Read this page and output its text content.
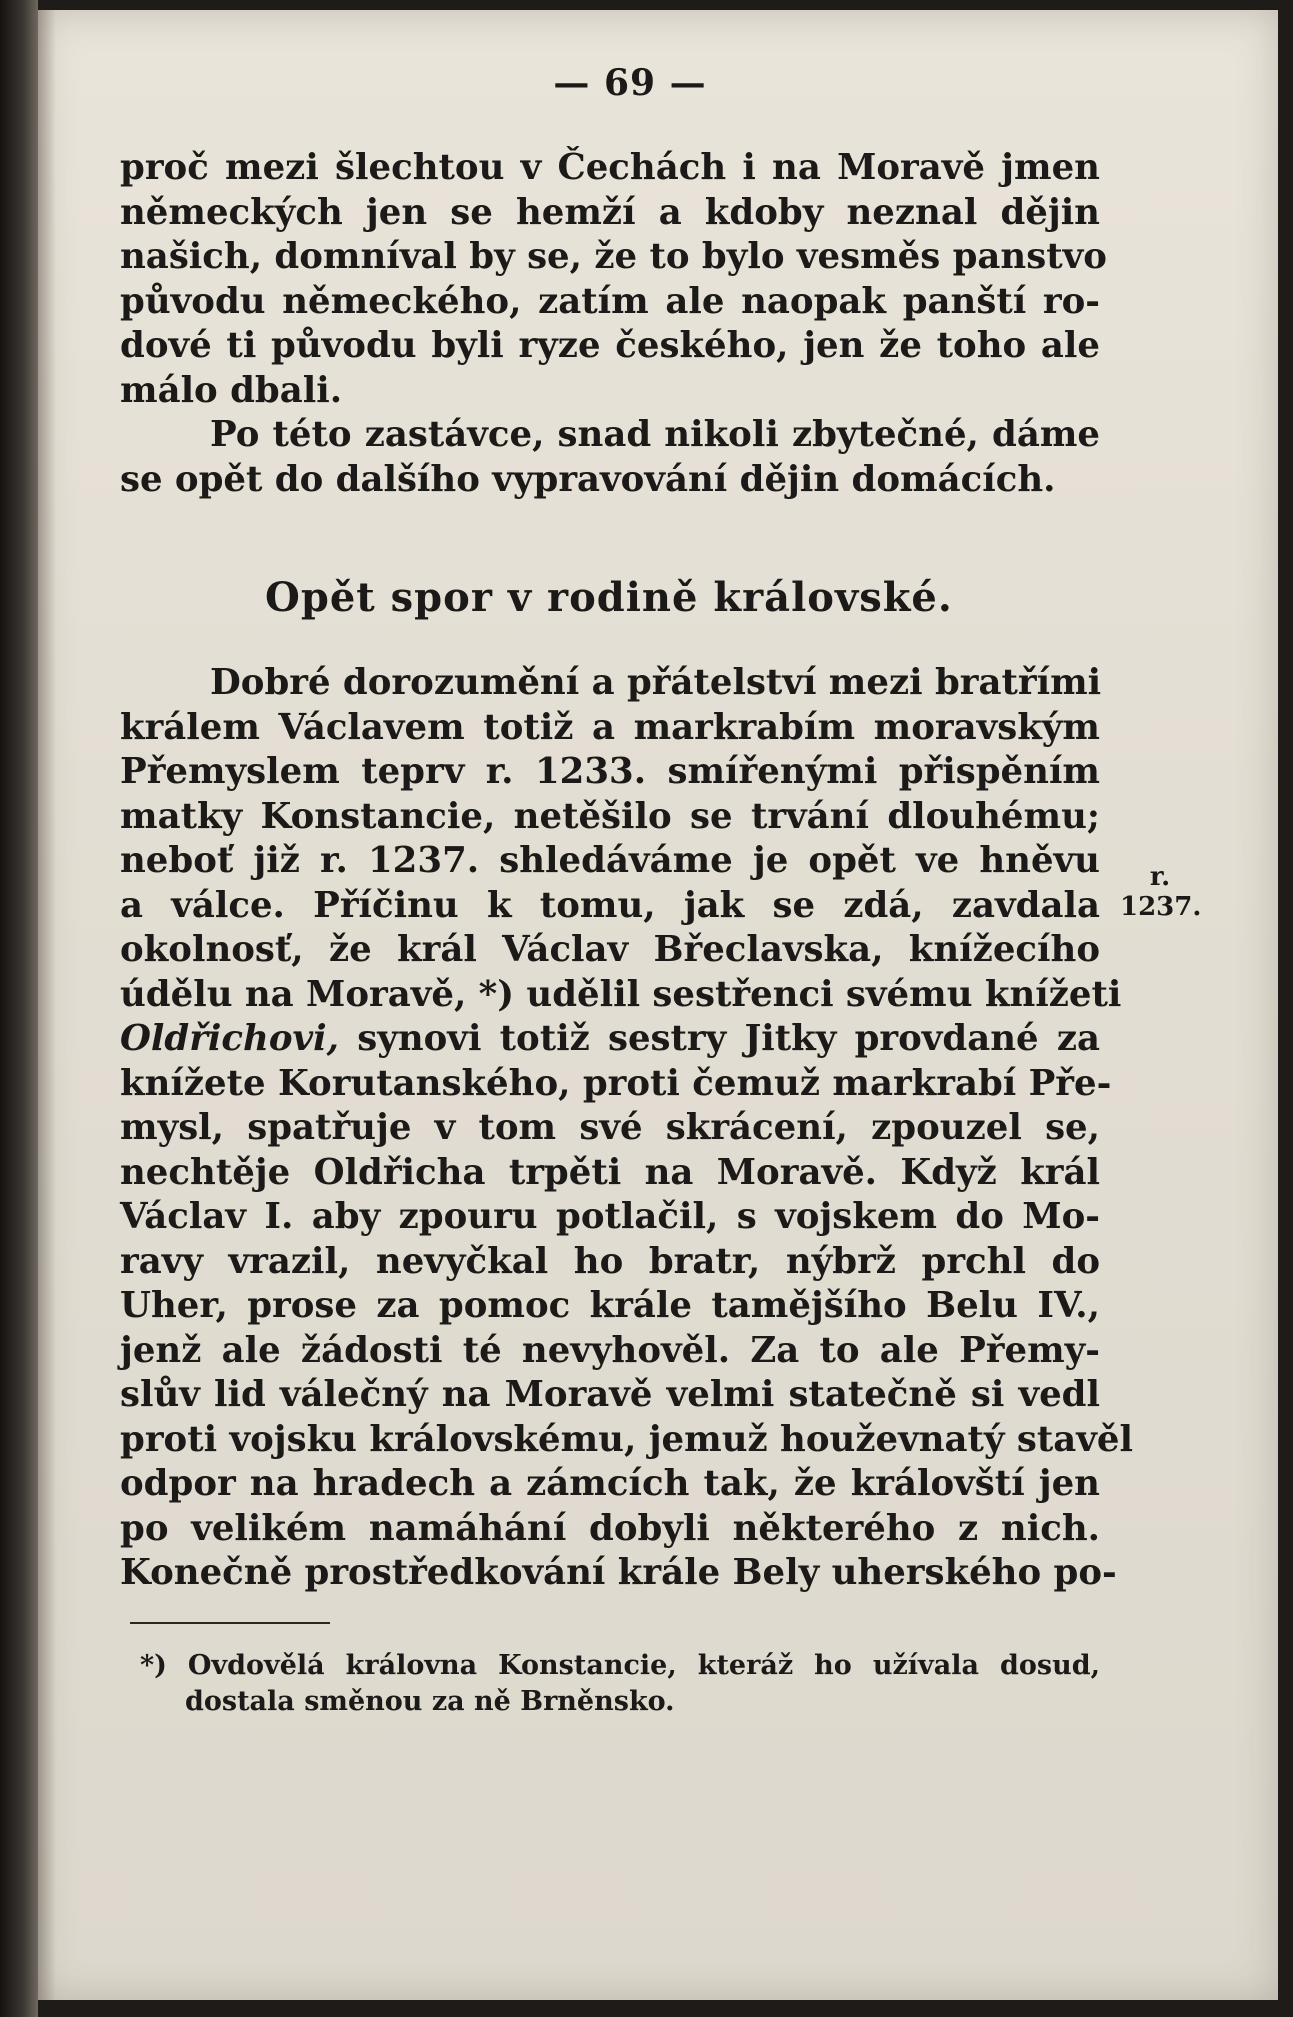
r.
1237.
— 69 —
proč mezi šlechtou v Čechách i na Moravě jmen
německých jen se hemží a kdoby neznal dějin
našich, domníval by se, že to bylo vesměs panstvo
původu německého, zatím ale naopak panští ro-
dové ti původu byli ryze českého, jen že toho ale
málo dbali.
Po této zastávce, snad nikoli zbytečné, dáme
se opět do dalšího vypravování dějin domácích.
Opět spor v rodině královské.
Dobré dorozumění a přátelství mezi bratřími
králem Václavem totiž a markrabím moravským
Přemyslem teprv r. 1233. smířenými přispěním
matky Konstancie, netěšilo se trvání dlouhému;
neboť již r. 1237. shledáváme je opět ve hněvu
a válce. Příčinu k tomu, jak se zdá, zavdala
okolnosť, že král Václav Břeclavska, knížecího
údělu na Moravě, *) udělil sestřenci svému knížeti
Oldřichovi, synovi totiž sestry Jitky provdané za
knížete Korutanského, proti čemuž markrabí Pře-
mysl, spatřuje v tom své skrácení, zpouzel se,
nechtěje Oldřicha trpěti na Moravě. Když král
Václav I. aby zpouru potlačil, s vojskem do Mo-
ravy vrazil, nevyčkal ho bratr, nýbrž prchl do
Uher, prose za pomoc krále tamějšího Belu IV.,
jenž ale žádosti té nevyhověl. Za to ale Přemy-
slův lid válečný na Moravě velmi statečně si vedl
proti vojsku královskému, jemuž houževnatý stavěl
odpor na hradech a zámcích tak, že královští jen
po velikém namáhání dobyli některého z nich.
Konečně prostředkování krále Bely uherského po-
*) Ovdovělá královna Konstancie, kteráž ho užívala dosud,
dostala směnou za ně Brněnsko.
